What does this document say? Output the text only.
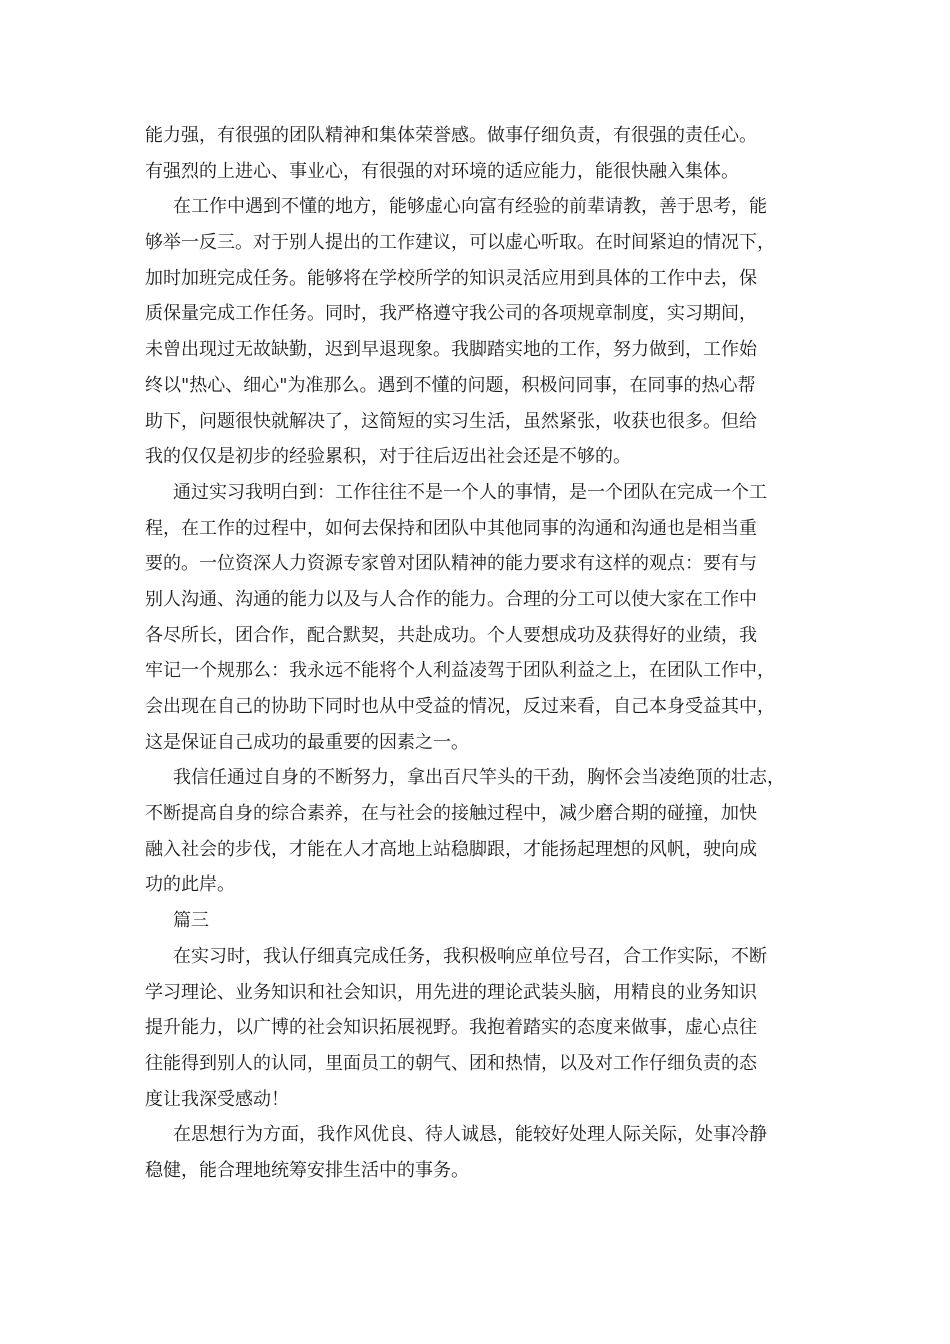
能力强，有很强的团队精神和集体荣誉感。做事仔细负责，有很强的责任心。
有强烈的上进心、事业心，有很强的对环境的适应能力，能很快融入集体。
在工作中遇到不懂的地方，能够虚心向富有经验的前辈请教，善于思考，能
够举一反三。对于别人提出的工作建议，可以虚心听取。在时间紧迫的情况下，
加时加班完成任务。能够将在学校所学的知识灵活应用到具体的工作中去，保
质保量完成工作任务。同时，我严格遵守我公司的各项规章制度，实习期间，
未曾出现过无故缺勤，迟到早退现象。我脚踏实地的工作，努力做到，工作始
终以"热心、细心"为准那么。遇到不懂的问题，积极问同事，在同事的热心帮
助下，问题很快就解决了，这简短的实习生活，虽然紧张，收获也很多。但给
我的仅仅是初步的经验累积，对于往后迈出社会还是不够的。
通过实习我明白到：工作往往不是一个人的事情，是一个团队在完成一个工
程，在工作的过程中，如何去保持和团队中其他同事的沟通和沟通也是相当重
要的。一位资深人力资源专家曾对团队精神的能力要求有这样的观点：要有与
别人沟通、沟通的能力以及与人合作的能力。合理的分工可以使大家在工作中
各尽所长，团合作，配合默契，共赴成功。个人要想成功及获得好的业绩，我
牢记一个规那么：我永远不能将个人利益凌驾于团队利益之上，在团队工作中，
会出现在自己的协助下同时也从中受益的情况，反过来看，自己本身受益其中，
这是保证自己成功的最重要的因素之一。
我信任通过自身的不断努力，拿出百尺竿头的干劲，胸怀会当凌绝顶的壮志，
不断提高自身的综合素养，在与社会的接触过程中，减少磨合期的碰撞，加快
融入社会的步伐，才能在人才高地上站稳脚跟，才能扬起理想的风帆，驶向成
功的此岸。
篇三
在实习时，我认仔细真完成任务，我积极响应单位号召，合工作实际，不断
学习理论、业务知识和社会知识，用先进的理论武装头脑，用精良的业务知识
提升能力，以广博的社会知识拓展视野。我抱着踏实的态度来做事，虚心点往
往能得到别人的认同，里面员工的朝气、团和热情，以及对工作仔细负责的态
度让我深受感动！
在思想行为方面，我作风优良、待人诚恳，能较好处理人际关际，处事冷静
稳健，能合理地统筹安排生活中的事务。
